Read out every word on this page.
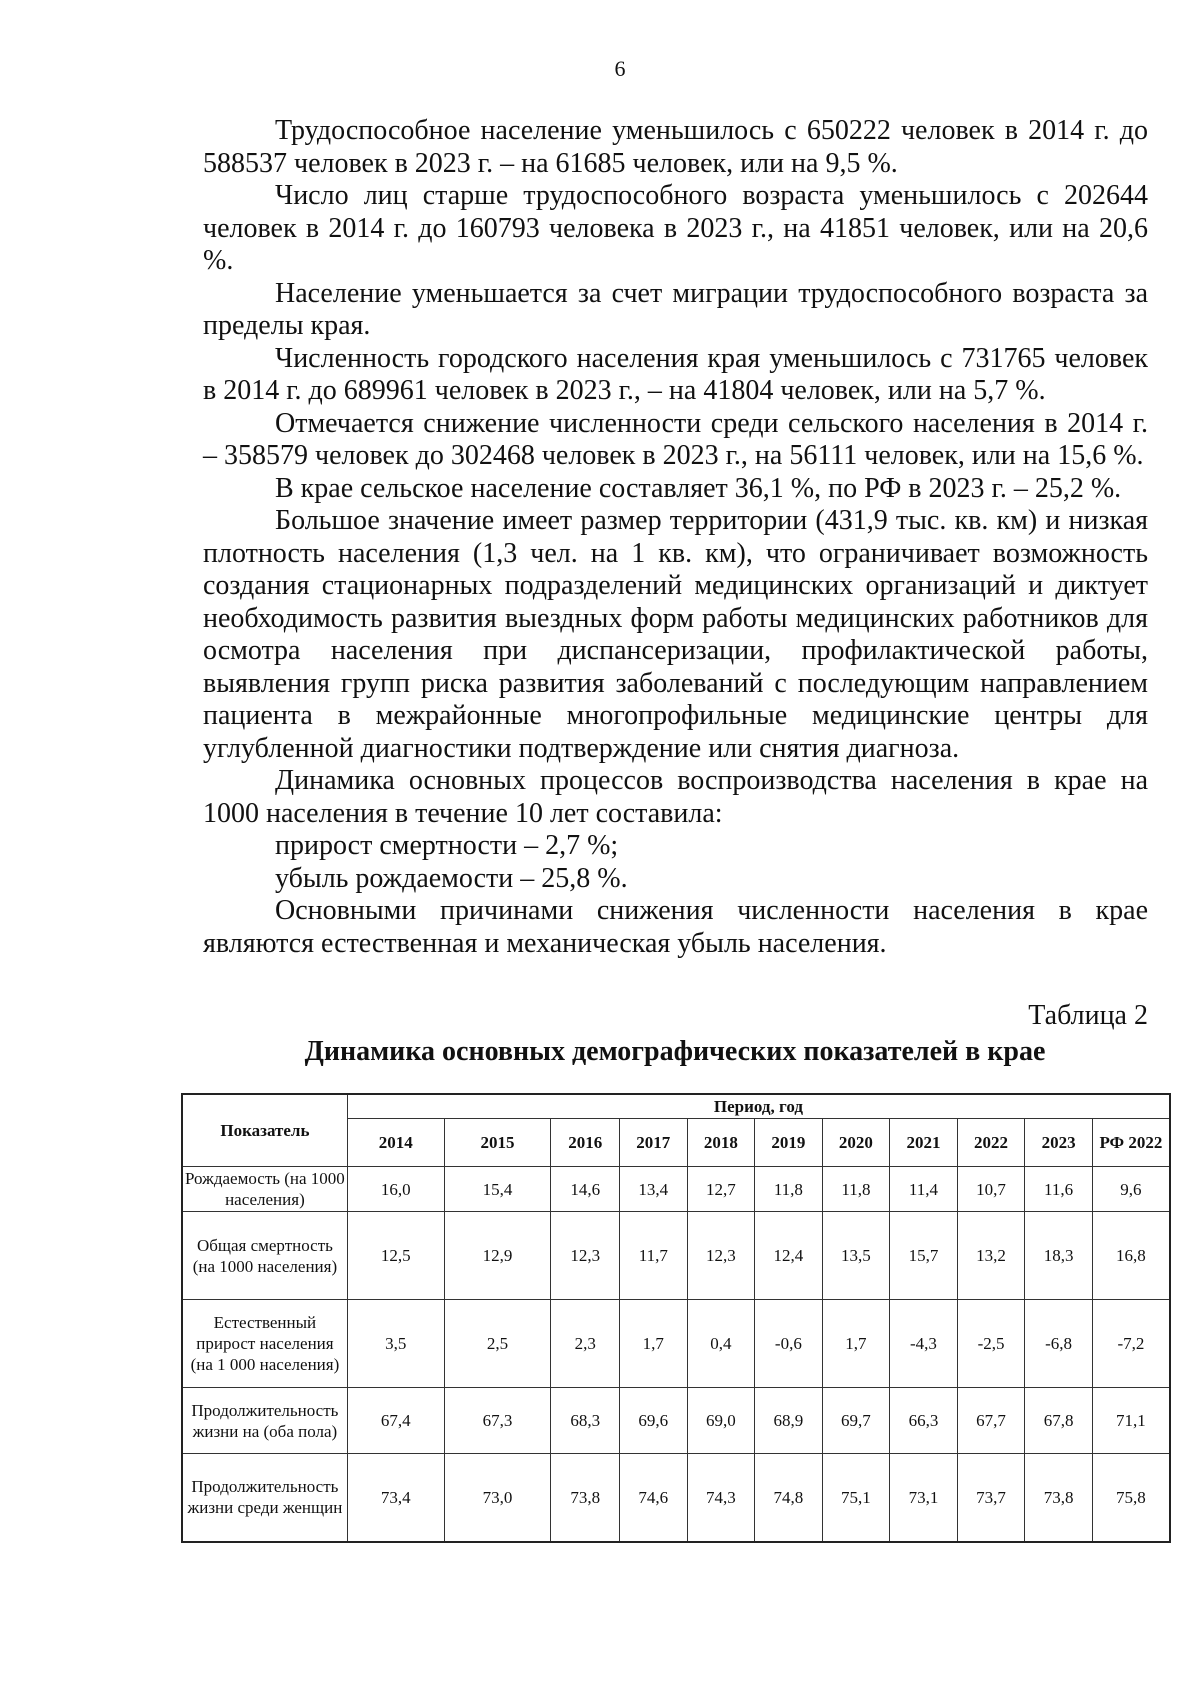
6

Трудоспособное население уменьшилось с 650222 человек в 2014 г. до 588537 человек в 2023 г. – на 61685 человек, или на 9,5 %.

Число лиц старше трудоспособного возраста уменьшилось с 202644 человек в 2014 г. до 160793 человека в 2023 г., на 41851 человек, или на 20,6 %.

Население уменьшается за счет миграции трудоспособного возраста за пределы края.

Численность городского населения края уменьшилось с 731765 человек в 2014 г. до 689961 человек в 2023 г., – на 41804 человек, или на 5,7 %.

Отмечается снижение численности среди сельского населения в 2014 г. – 358579 человек до 302468 человек в 2023 г., на 56111 человек, или на 15,6 %.

В крае сельское население составляет 36,1 %, по РФ в 2023 г. – 25,2 %.

Большое значение имеет размер территории (431,9 тыс. кв. км) и низкая плотность населения (1,3 чел. на 1 кв. км), что ограничивает возможность создания стационарных подразделений медицинских организаций и диктует необходимость развития выездных форм работы медицинских работников для осмотра населения при диспансеризации, профилактической работы, выявления групп риска развития заболеваний с последующим направлением пациента в межрайонные многопрофильные медицинские центры для углубленной диагностики подтверждение или снятия диагноза.

Динамика основных процессов воспроизводства населения в крае на 1000 населения в течение 10 лет составила:

прирост смертности – 2,7 %;

убыль рождаемости – 25,8 %.

Основными причинами снижения численности населения в крае являются естественная и механическая убыль населения.

Таблица 2
Динамика основных демографических показателей в крае
Показатель	Период, год										
	2014	2015	2016	2017	2018	2019	2020	2021	2022	2023	РФ 2022
Рождаемость (на 1000 населения)	16,0	15,4	14,6	13,4	12,7	11,8	11,8	11,4	10,7	11,6	9,6
Общая смертность (на 1000 населения)	12,5	12,9	12,3	11,7	12,3	12,4	13,5	15,7	13,2	18,3	16,8
Естественный прирост населения (на 1 000 населения)	3,5	2,5	2,3	1,7	0,4	-0,6	1,7	-4,3	-2,5	-6,8	-7,2
Продолжительность жизни на (оба пола)	67,4	67,3	68,3	69,6	69,0	68,9	69,7	66,3	67,7	67,8	71,1
Продолжительность жизни среди женщин	73,4	73,0	73,8	74,6	74,3	74,8	75,1	73,1	73,7	73,8	75,8
